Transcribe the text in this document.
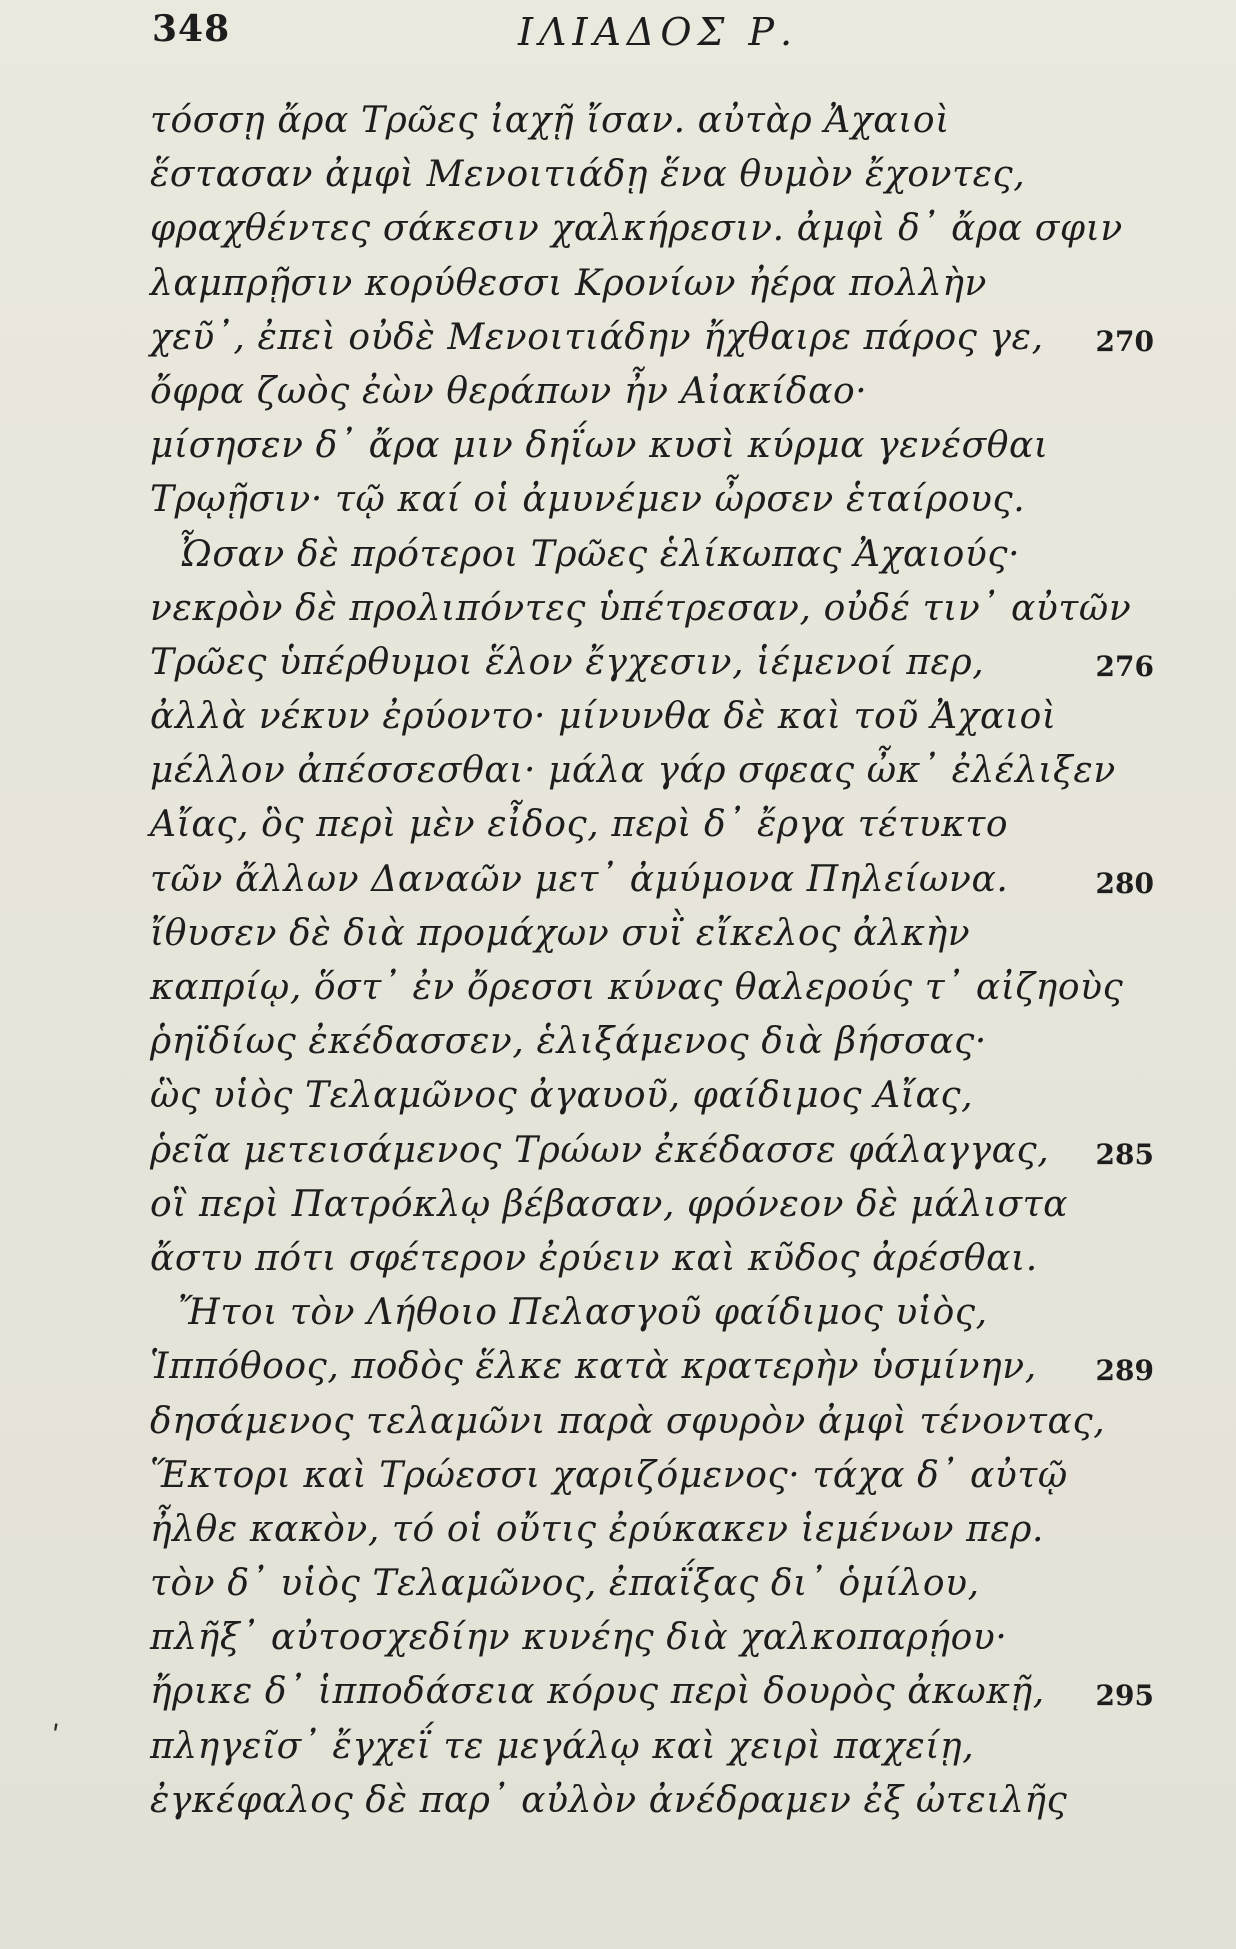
348	ΙΛΙΑΔΟΣ Ρ.
τόσσῃ ἄρα Τρῶες ἰαχῇ ἴσαν. αὐτὰρ Ἀχαιοὶ
ἕστασαν ἀμφὶ Μενοιτιάδῃ ἕνα θυμὸν ἔχοντες,
φραχθέντες σάκεσιν χαλκήρεσιν. ἀμφὶ δ᾽ ἄρα σφιν
λαμπρῇσιν κορύθεσσι Κρονίων ἠέρα πολλὴν
χεῦ᾽, ἐπεὶ οὐδὲ Μενοιτιάδην ἤχθαιρε πάρος γε, 270
ὄφρα ζωὸς ἐὼν θεράπων ἦν Αἰακίδαο·
μίσησεν δ᾽ ἄρα μιν δηΐων κυσὶ κύρμα γενέσθαι
Τρῳῇσιν· τῷ καί οἱ ἀμυνέμεν ὦρσεν ἑταίρους.
Ὦσαν δὲ πρότεροι Τρῶες ἑλίκωπας Ἀχαιούς·
νεκρὸν δὲ προλιπόντες ὑπέτρεσαν, οὐδέ τιν᾽ αὐτῶν
Τρῶες ὑπέρθυμοι ἕλον ἔγχεσιν, ἱέμενοί περ,	276
ἀλλὰ νέκυν ἐρύοντο· μίνυνθα δὲ καὶ τοῦ Ἀχαιοὶ
μέλλον ἀπέσσεσθαι· μάλα γάρ σφεας ὦκ᾽ ἐλέλιξεν
Αἴας, ὃς περὶ μὲν εἶδος, περὶ δ᾽ ἔργα τέτυκτο
τῶν ἄλλων Δαναῶν μετ᾽ ἀμύμονα Πηλείωνα.	280
ἴθυσεν δὲ διὰ προμάχων συῒ εἴκελος ἀλκὴν
καπρίῳ, ὅστ᾽ ἐν ὄρεσσι κύνας θαλερούς τ᾽ αἰζηοὺς
ῥηϊδίως ἐκέδασσεν, ἑλιξάμενος διὰ βήσσας·
ὣς υἱὸς Τελαμῶνος ἀγαυοῦ, φαίδιμος Αἴας,
ῥεῖα μετεισάμενος Τρώων ἐκέδασσε φάλαγγας, 285
οἳ περὶ Πατρόκλῳ βέβασαν, φρόνεον δὲ μάλιστα
ἄστυ πότι σφέτερον ἐρύειν καὶ κῦδος ἀρέσθαι.
Ἤτοι τὸν Λήθοιο Πελασγοῦ φαίδιμος υἱὸς,
Ἱππόθοος, ποδὸς ἕλκε κατὰ κρατερὴν ὑσμίνην, 289
δησάμενος τελαμῶνι παρὰ σφυρὸν ἀμφὶ τένοντας,
Ἕκτορι καὶ Τρώεσσι χαριζόμενος· τάχα δ᾽ αὐτῷ
ἦλθε κακὸν, τό οἱ οὔτις ἐρύκακεν ἱεμένων περ.
τὸν δ᾽ υἱὸς Τελαμῶνος, ἐπαΐξας δι᾽ ὁμίλου,
πλῆξ᾽ αὐτοσχεδίην κυνέης διὰ χαλκοπαρῄου·
ἤρικε δ᾽ ἱπποδάσεια κόρυς περὶ δουρὸς ἀκωκῇ, 295
πληγεῖσ᾽ ἔγχεΐ τε μεγάλῳ καὶ χειρὶ παχείῃ,
ἐγκέφαλος δὲ παρ᾽ αὐλὸν ἀνέδραμεν ἐξ ὠτειλῆς
ʹ
